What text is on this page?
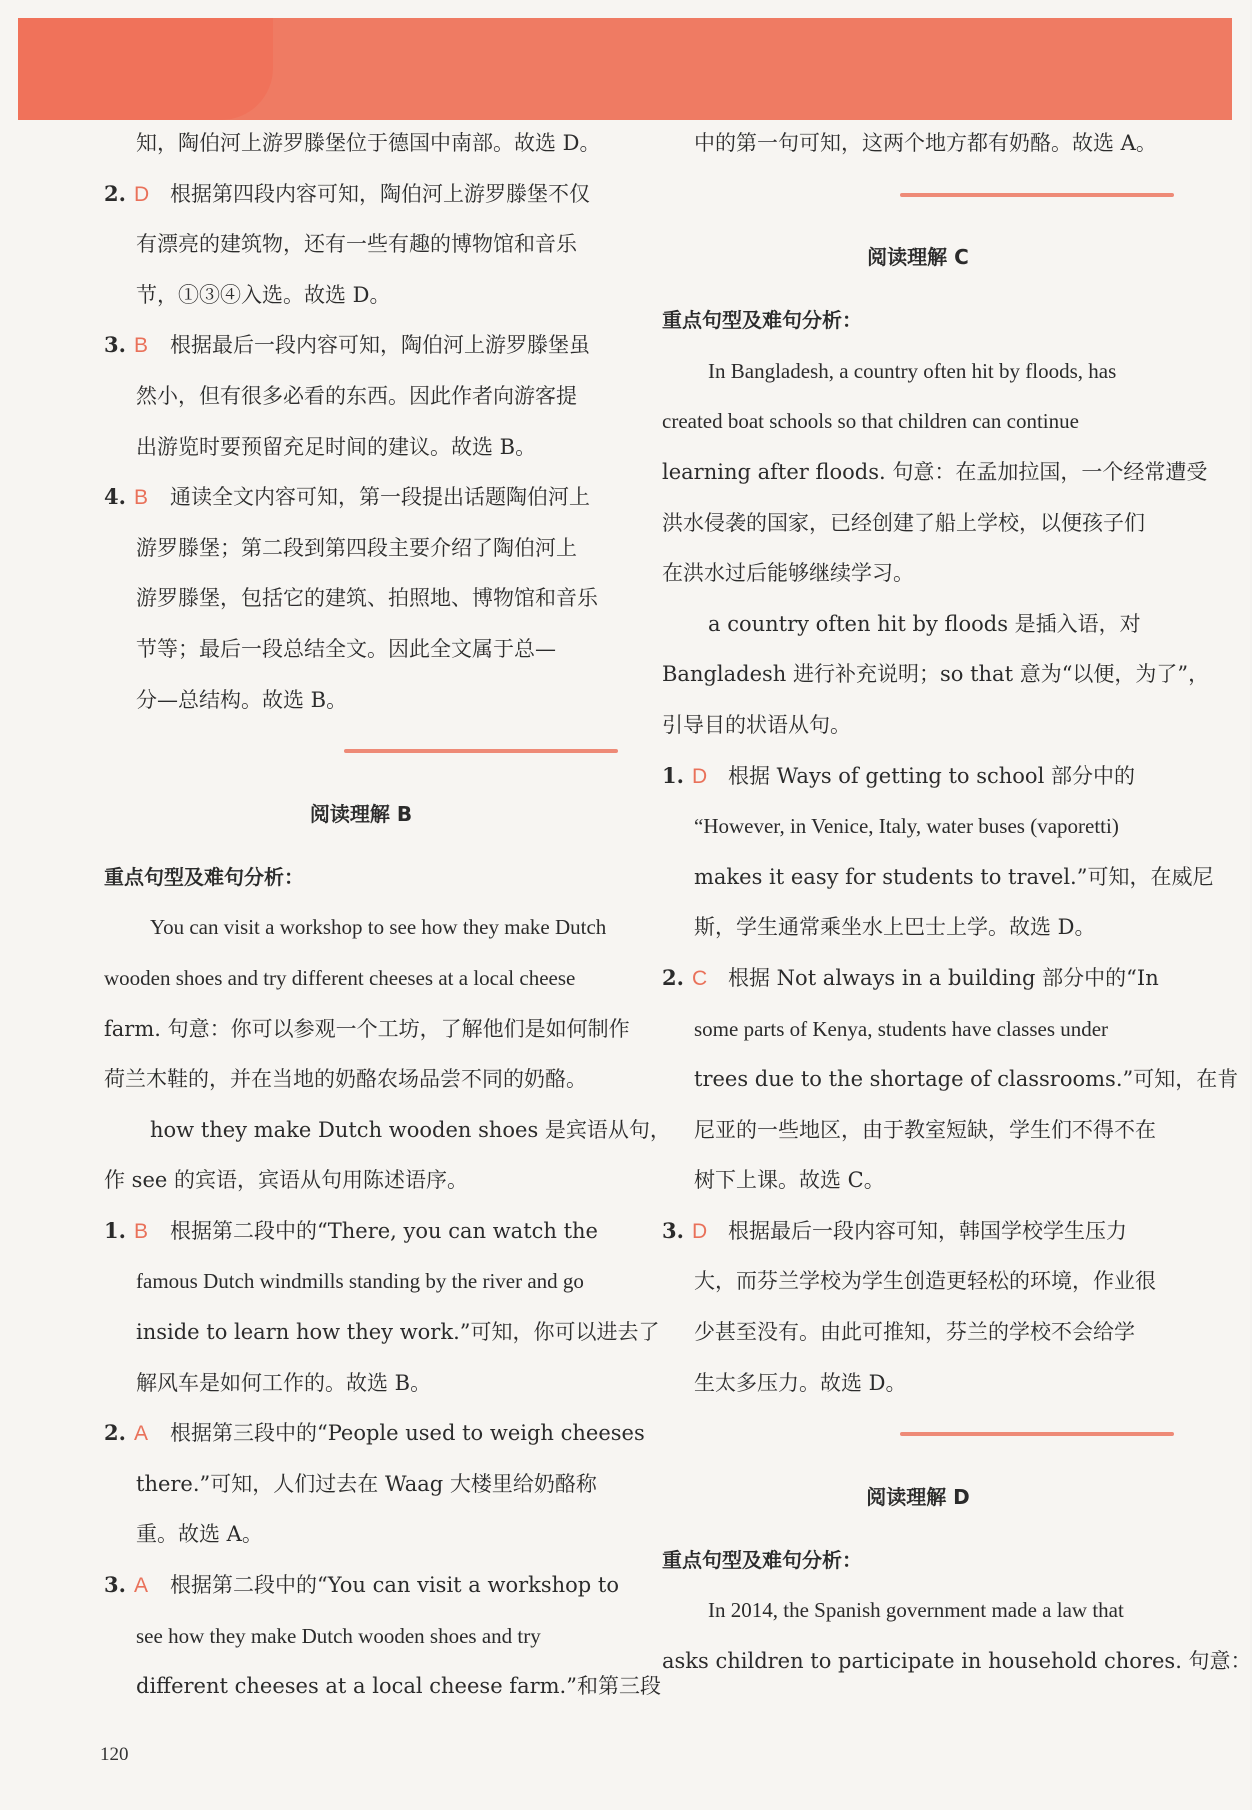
知，陶伯河上游罗滕堡位于德国中南部。故选 D。
2. D 根据第四段内容可知，陶伯河上游罗滕堡不仅
有漂亮的建筑物，还有一些有趣的博物馆和音乐
节，①③④入选。故选 D。
3. B 根据最后一段内容可知，陶伯河上游罗滕堡虽
然小，但有很多必看的东西。因此作者向游客提
出游览时要预留充足时间的建议。故选 B。
4. B 通读全文内容可知，第一段提出话题陶伯河上
游罗滕堡；第二段到第四段主要介绍了陶伯河上
游罗滕堡，包括它的建筑、拍照地、博物馆和音乐
节等；最后一段总结全文。因此全文属于总—
分—总结构。故选 B。
阅读理解 B
重点句型及难句分析：
You can visit a workshop to see how they make Dutch
wooden shoes and try different cheeses at a local cheese
farm. 句意：你可以参观一个工坊，了解他们是如何制作
荷兰木鞋的，并在当地的奶酪农场品尝不同的奶酪。
how they make Dutch wooden shoes 是宾语从句，
作 see 的宾语，宾语从句用陈述语序。
1. B 根据第二段中的“There, you can watch the
famous Dutch windmills standing by the river and go
inside to learn how they work.”可知，你可以进去了
解风车是如何工作的。故选 B。
2. A 根据第三段中的“People used to weigh cheeses
there.”可知，人们过去在 Waag 大楼里给奶酪称
重。故选 A。
3. A 根据第二段中的“You can visit a workshop to
see how they make Dutch wooden shoes and try
different cheeses at a local cheese farm.”和第三段
中的第一句可知，这两个地方都有奶酪。故选 A。
阅读理解 C
重点句型及难句分析：
In Bangladesh, a country often hit by floods, has
created boat schools so that children can continue
learning after floods. 句意：在孟加拉国，一个经常遭受
洪水侵袭的国家，已经创建了船上学校，以便孩子们
在洪水过后能够继续学习。
a country often hit by floods 是插入语，对
Bangladesh 进行补充说明；so that 意为“以便，为了”，
引导目的状语从句。
1. D 根据 Ways of getting to school 部分中的
“However, in Venice, Italy, water buses (vaporetti)
makes it easy for students to travel.”可知，在威尼
斯，学生通常乘坐水上巴士上学。故选 D。
2. C 根据 Not always in a building 部分中的“In
some parts of Kenya, students have classes under
trees due to the shortage of classrooms.”可知，在肯
尼亚的一些地区，由于教室短缺，学生们不得不在
树下上课。故选 C。
3. D 根据最后一段内容可知，韩国学校学生压力
大，而芬兰学校为学生创造更轻松的环境，作业很
少甚至没有。由此可推知，芬兰的学校不会给学
生太多压力。故选 D。
阅读理解 D
重点句型及难句分析：
In 2014, the Spanish government made a law that
asks children to participate in household chores. 句意：
120
